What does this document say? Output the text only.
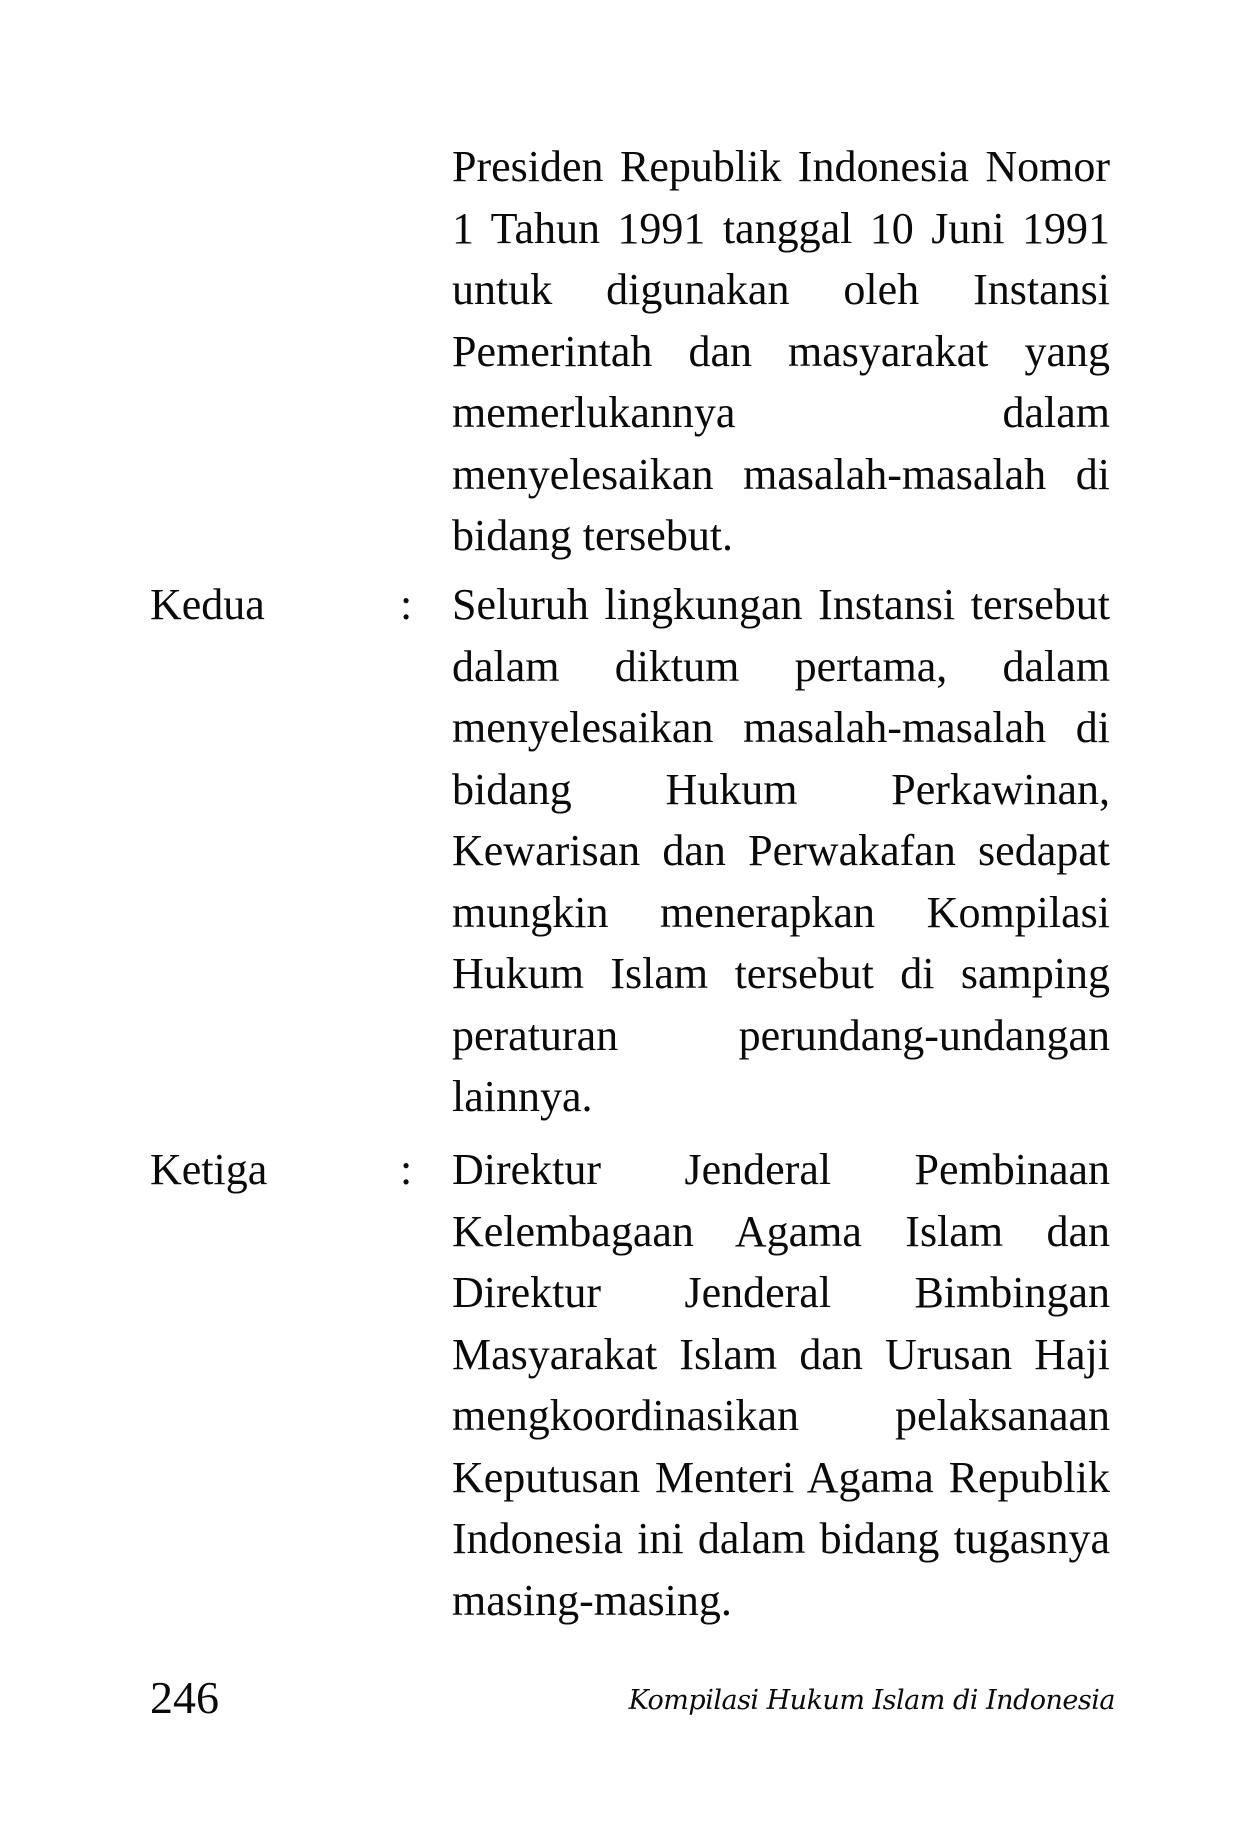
Presiden Republik Indonesia Nomor 1 Tahun 1991 tanggal 10 Juni 1991 untuk digunakan oleh Instansi Pemerintah dan masyarakat yang memerlukannya dalam menyelesaikan masalah-masalah di bidang tersebut.
Kedua	: Seluruh lingkungan Instansi tersebut dalam diktum pertama, dalam menyelesaikan masalah-masalah di bidang Hukum Perkawinan, Kewarisan dan Perwakafan sedapat mungkin menerapkan Kompilasi Hukum Islam tersebut di samping peraturan perundang-undangan lainnya.
Ketiga	: Direktur Jenderal Pembinaan Kelembagaan Agama Islam dan Direktur Jenderal Bimbingan Masyarakat Islam dan Urusan Haji mengkoordinasikan pelaksanaan Keputusan Menteri Agama Republik Indonesia ini dalam bidang tugasnya masing-masing.
246	Kompilasi Hukum Islam di Indonesia
